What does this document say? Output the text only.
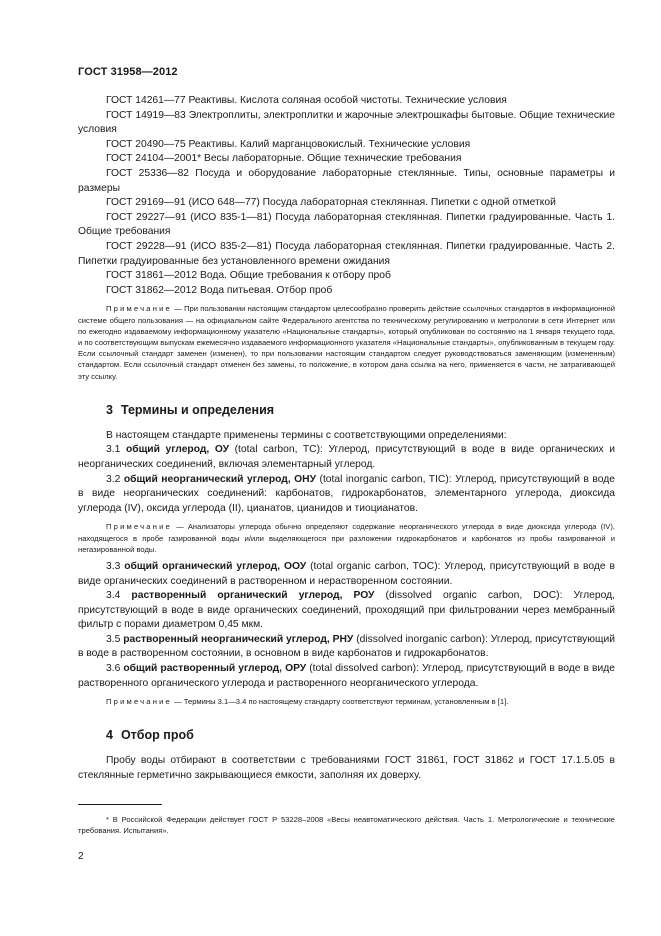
ГОСТ 31958—2012

ГОСТ 14261—77 Реактивы. Кислота соляная особой чистоты. Технические условия

ГОСТ 14919—83 Электроплиты, электроплитки и жарочные электрошкафы бытовые. Общие технические условия

ГОСТ 20490—75 Реактивы. Калий марганцовокислый. Технические условия

ГОСТ 24104—2001* Весы лабораторные. Общие технические требования

ГОСТ 25336—82 Посуда и оборудование лабораторные стеклянные. Типы, основные параметры и размеры

ГОСТ 29169—91 (ИСО 648—77) Посуда лабораторная стеклянная. Пипетки с одной отметкой

ГОСТ 29227—91 (ИСО 835-1—81) Посуда лабораторная стеклянная. Пипетки градуированные. Часть 1. Общие требования

ГОСТ 29228—91 (ИСО 835-2—81) Посуда лабораторная стеклянная. Пипетки градуированные. Часть 2. Пипетки градуированные без установленного времени ожидания

ГОСТ 31861—2012 Вода. Общие требования к отбору проб

ГОСТ 31862—2012 Вода питьевая. Отбор проб

Примечание — При пользовании настоящим стандартом целесообразно проверить действие ссылочных стандартов в информационной системе общего пользования — на официальном сайте Федерального агентства по техническому регулированию и метрологии в сети Интернет или по ежегодно издаваемому информационному указателю «Национальные стандарты», который опубликован по состоянию на 1 января текущего года, и по соответствующим выпускам ежемесячно издаваемого информационного указателя «Национальные стандарты», опубликованным в текущем году. Если ссылочный стандарт заменен (изменен), то при пользовании настоящим стандартом следует руководствоваться заменяющим (измененным) стандартом. Если ссылочный стандарт отменен без замены, то положение, в котором дана ссылка на него, применяется в части, не затрагивающей эту ссылку.

3 Термины и определения

В настоящем стандарте применены термины с соответствующими определениями:

3.1 общий углерод, ОУ (total carbon, TC): Углерод, присутствующий в воде в виде органических и неорганических соединений, включая элементарный углерод.

3.2 общий неорганический углерод, ОНУ (total inorganic carbon, TIC): Углерод, присутствующий в воде в виде неорганических соединений: карбонатов, гидрокарбонатов, элементарного углерода, диоксида углерода (IV), оксида углерода (II), цианатов, цианидов и тиоцианатов.

Примечание — Анализаторы углерода обычно определяют содержание неорганического углерода в виде диоксида углерода (IV), находящегося в пробе газированной воды и/или выделяющегося при разложении гидрокарбонатов и карбонатов из пробы газированной и негазированной воды.

3.3 общий органический углерод, ООУ (total organic carbon, TOC): Углерод, присутствующий в воде в виде органических соединений в растворенном и нерастворенном состоянии.

3.4 растворенный органический углерод, РОУ (dissolved organic carbon, DOC): Углерод, присутствующий в воде в виде органических соединений, проходящий при фильтровании через мембранный фильтр с порами диаметром 0,45 мкм.

3.5 растворенный неорганический углерод, РНУ (dissolved inorganic carbon): Углерод, присутствующий в воде в растворенном состоянии, в основном в виде карбонатов и гидрокарбонатов.

3.6 общий растворенный углерод, ОРУ (total dissolved carbon): Углерод, присутствующий в воде в виде растворенного органического углерода и растворенного неорганического углерода.

Примечание — Термины 3.1—3.4 по настоящему стандарту соответствуют терминам, установленным в [1].

4 Отбор проб

Пробу воды отбирают в соответствии с требованиями ГОСТ 31861, ГОСТ 31862 и ГОСТ 17.1.5.05 в стеклянные герметично закрывающиеся емкости, заполняя их доверху.

* В Российской Федерации действует ГОСТ Р 53228–2008 «Весы неавтоматического действия. Часть 1. Метрологические и технические требования. Испытания».
2
